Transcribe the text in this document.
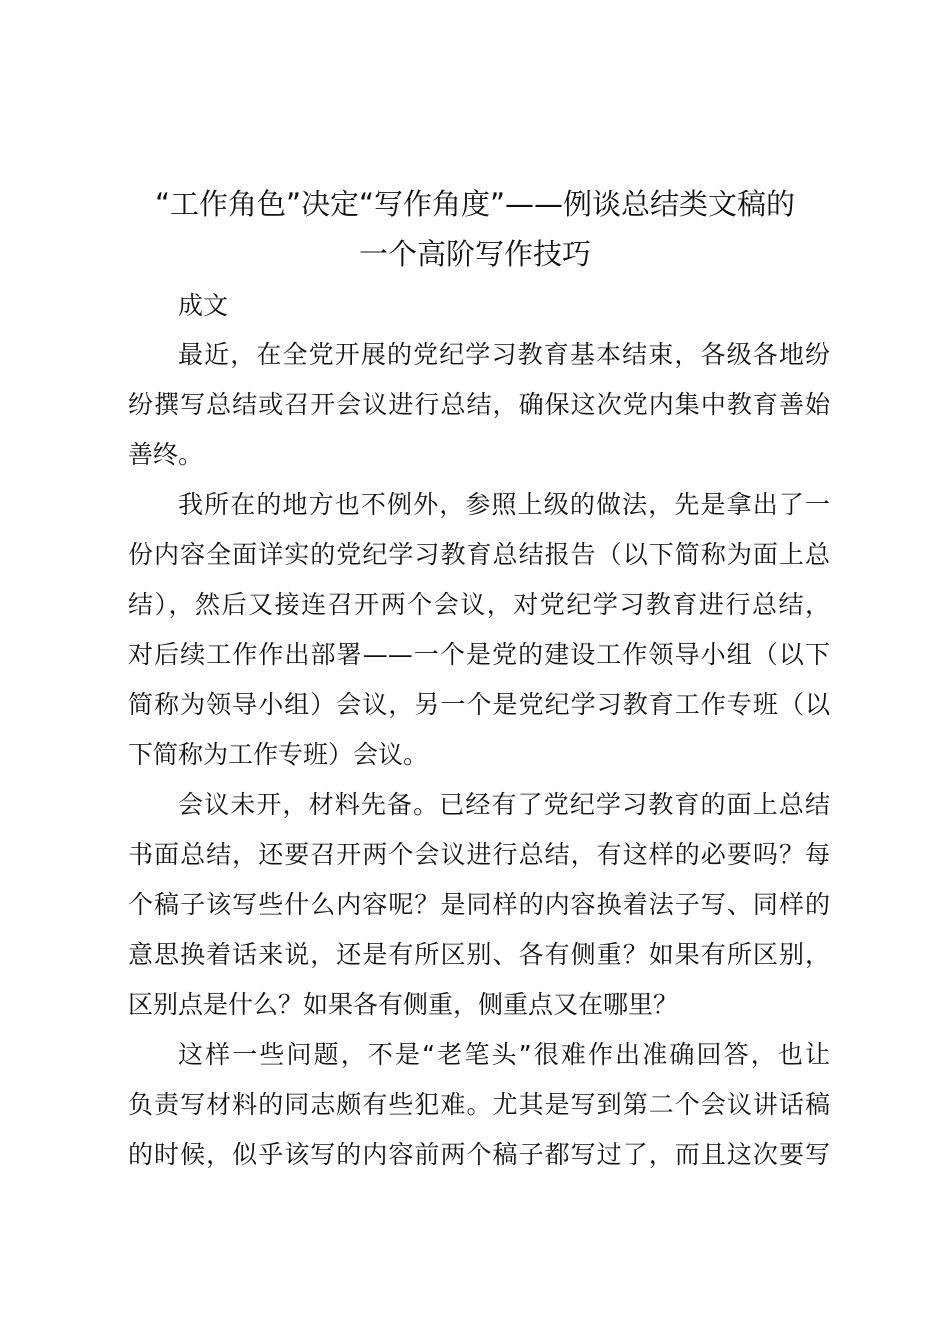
“工作角色”决定“写作角度”——例谈总结类文稿的
一个高阶写作技巧
成文
最近，在全党开展的党纪学习教育基本结束，各级各地纷
纷撰写总结或召开会议进行总结，确保这次党内集中教育善始
善终。
我所在的地方也不例外，参照上级的做法，先是拿出了一
份内容全面详实的党纪学习教育总结报告（以下简称为面上总
结），然后又接连召开两个会议，对党纪学习教育进行总结，
对后续工作作出部署——一个是党的建设工作领导小组（以下
简称为领导小组）会议，另一个是党纪学习教育工作专班（以
下简称为工作专班）会议。
会议未开，材料先备。已经有了党纪学习教育的面上总结
书面总结，还要召开两个会议进行总结，有这样的必要吗？每
个稿子该写些什么内容呢？是同样的内容换着法子写、同样的
意思换着话来说，还是有所区别、各有侧重？如果有所区别，
区别点是什么？如果各有侧重，侧重点又在哪里？
这样一些问题，不是“老笔头”很难作出准确回答，也让
负责写材料的同志颇有些犯难。尤其是写到第二个会议讲话稿
的时候，似乎该写的内容前两个稿子都写过了，而且这次要写
